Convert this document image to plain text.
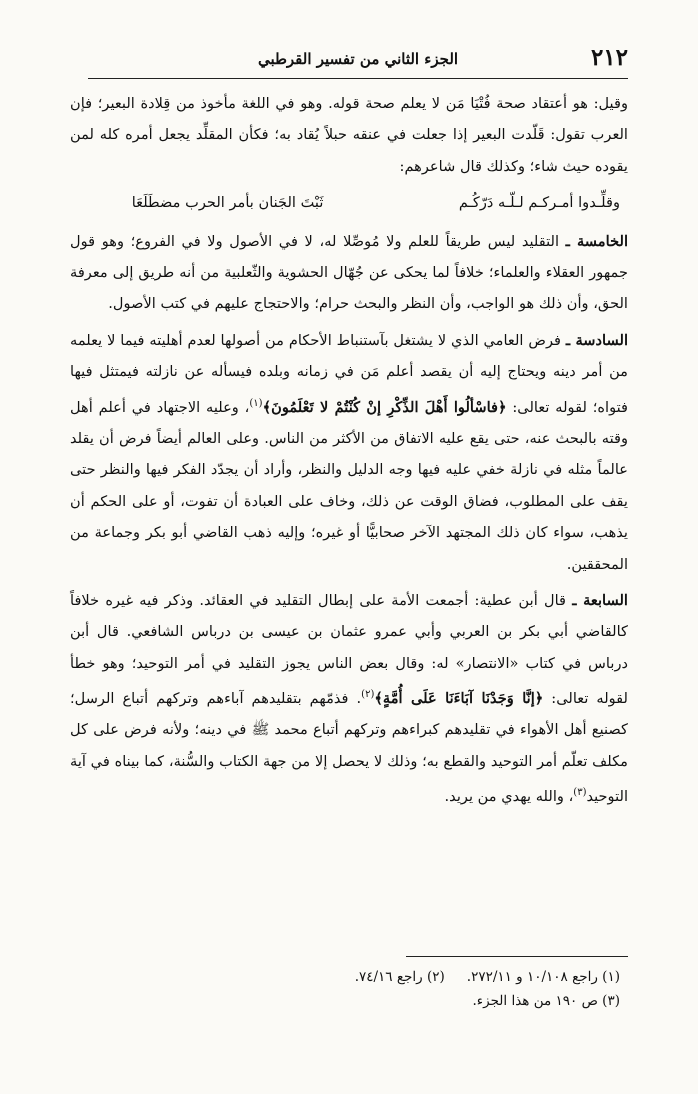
٢١٢
الجزء الثاني من تفسير القرطبي

وقيل: هو أعتقاد صحة فُتْيَا مَن لا يعلم صحة قوله. وهو في اللغة مأخوذ من قِلادة البعير؛ فإن العرب تقول: قَلّدت البعير إذا جعلت في عنقه حبلاً يُقاد به؛ فكأن المقلِّد يجعل أمره كله لمن يقوده حيث شاء؛ وكذلك قال شاعرهم:

وقلِّـدوا أمـركـم لـلّـه دَرّكُـم ثَبْتَ الجَنان بأمر الحرب مضطَلَعَا

الخامسة ـ التقليد ليس طريقاً للعلم ولا مُوصِّلا له، لا في الأصول ولا في الفروع؛ وهو قول جمهور العقلاء والعلماء؛ خلافاً لما يحكى عن جُهّال الحشوية والثّعلبية من أنه طريق إلى معرفة الحق، وأن ذلك هو الواجب، وأن النظر والبحث حرام؛ والاحتجاج عليهم في كتب الأصول.

السادسة ـ فرض العامي الذي لا يشتغل بآستنباط الأحكام من أصولها لعدم أهليته فيما لا يعلمه من أمر دينه ويحتاج إليه أن يقصد أعلم مَن في زمانه وبلده فيسأله عن نازلته فيمتثل فيها فتواه؛ لقوله تعالى: ﴿فاسْألُوا أَهْلَ الذِّكْرِ إنْ كُنْتُمْ لا تَعْلَمُونَ﴾$^{(١)}$، وعليه الاجتهاد في أعلم أهل وقته بالبحث عنه، حتى يقع عليه الاتفاق من الأكثر من الناس. وعلى العالم أيضاً فرض أن يقلد عالماً مثله في نازلة خفي عليه فيها وجه الدليل والنظر، وأراد أن يجدّد الفكر فيها والنظر حتى يقف على المطلوب، فضاق الوقت عن ذلك، وخاف على العبادة أن تفوت، أو على الحكم أن يذهب، سواء كان ذلك المجتهد الآخر صحابيًّا أو غيره؛ وإليه ذهب القاضي أبو بكر وجماعة من المحققين.

السابعة ـ قال أبن عطية: أجمعت الأمة على إبطال التقليد في العقائد. وذكر فيه غيره خلافاً كالقاضي أبي بكر بن العربي وأبي عمرو عثمان بن عيسى بن درباس الشافعي. قال أبن درباس في كتاب «الانتصار» له: وقال بعض الناس يجوز التقليد في أمر التوحيد؛ وهو خطأ لقوله تعالى: ﴿إنَّا وَجَدْنَا آبَاءَنَا عَلَى أُمَّةٍ﴾$^{(٢)}$. فذمّهم بتقليدهم آباءهم وتركهم أتباع الرسل؛ كصنيع أهل الأهواء في تقليدهم كبراءهم وتركهم أتباع محمد ﷺ في دينه؛ ولأنه فرض على كل مكلف تعلّم أمر التوحيد والقطع به؛ وذلك لا يحصل إلا من جهة الكتاب والسُّنة، كما بيناه في آية التوحيد$^{(٣)}$، والله يهدي من يريد.

(١) راجع ١٠/١٠٨ و ٢٧٢/١١.(٢) راجع ٧٤/١٦.

(٣) ص ١٩٠ من هذا الجزء.
